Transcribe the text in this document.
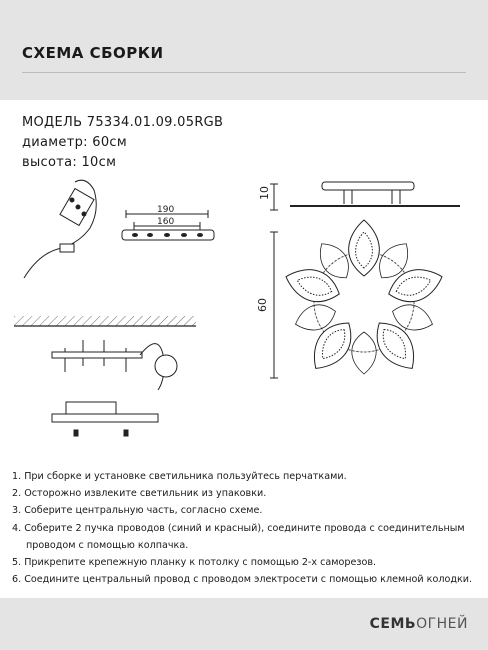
СХЕМА СБОРКИ
МОДЕЛЬ 75334.01.09.05RGB
диаметр: 60см
высота: 10см
190
160
10
60
1. При сборке и установке светильника пользуйтесь перчатками.
2. Осторожно извлеките светильник из упаковки.
3. Соберите центральную часть, согласно схеме.
4. Соберите 2 пучка проводов (синий и красный), соедините провода с соединительным
проводом с помощью колпачка.
5. Прикрепите крепежную планку к потолку с помощью 2-х саморезов.
6. Соедините центральный провод с проводом электросети с помощью клемной колодки.
СЕМЬОГНЕЙ
